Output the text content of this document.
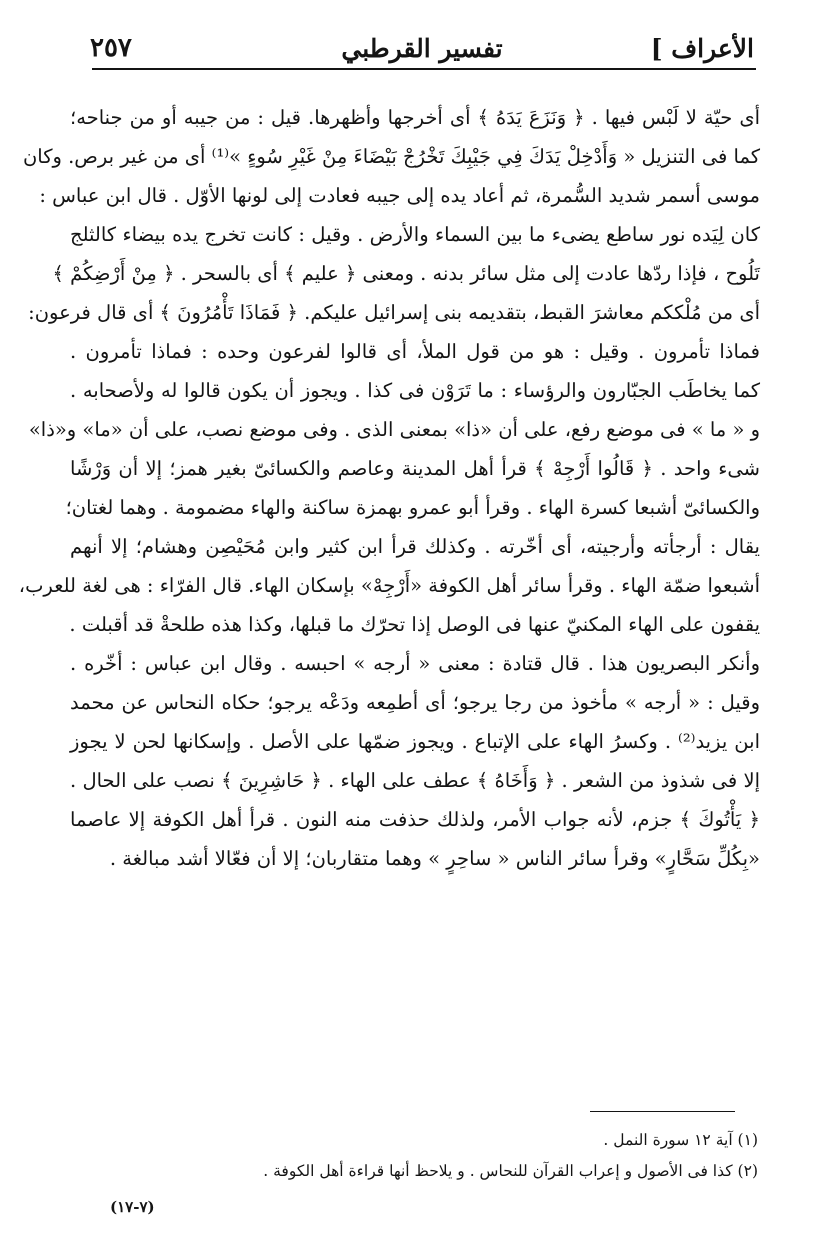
الأعراف ]
تفسير القرطبي
٢٥٧
أى حيّة لا لَبْس فيها . ﴿ وَنَزَعَ يَدَهُ ﴾ أى أخرجها وأظهرها. قيل : من جيبه أو من جناحه؛
كما فى التنزيل « وَأَدْخِلْ يَدَكَ فِي جَيْبِكَ تَخْرُجْ بَيْضَاءَ مِنْ غَيْرِ سُوءٍ »⁽¹⁾ أى من غير برص. وكان
موسى أسمر شديد السُّمرة، ثم أعاد يده إلى جيبه فعادت إلى لونها الأوّل . قال ابن عباس :
كان لِيَده نور ساطع يضىء ما بين السماء والأرض . وقيل : كانت تخرج يده بيضاء كالثلج
تَلُوح ، فإذا ردّها عادت إلى مثل سائر بدنه . ومعنى ﴿ عليم ﴾ أى بالسحر . ﴿ مِنْ أَرْضِكُمْ ﴾
أى من مُلْككم معاشرَ القبط، بتقديمه بنى إسرائيل عليكم. ﴿ فَمَاذَا تَأْمُرُونَ ﴾ أى قال فرعون:
فماذا تأمرون . وقيل : هو من قول الملأ، أى قالوا لفرعون وحده : فماذا تأمرون .
كما يخاطَب الجبّارون والرؤساء : ما تَرَوْن فى كذا . ويجوز أن يكون قالوا له ولأصحابه .
و « ما » فى موضع رفع، على أن «ذا» بمعنى الذى . وفى موضع نصب، على أن «ما» و«ذا»
شىء واحد . ﴿ قَالُوا أَرْجِهْ ﴾ قرأ أهل المدينة وعاصم والكسائىّ بغير همز؛ إلا أن وَرْشًا
والكسائىّ أشبعا كسرة الهاء . وقرأ أبو عمرو بهمزة ساكنة والهاء مضمومة . وهما لغتان؛
يقال : أرجأته وأرجيته، أى أخّرته . وكذلك قرأ ابن كثير وابن مُحَيْصِن وهشام؛ إلا أنهم
أشبعوا ضمّة الهاء . وقرأ سائر أهل الكوفة «أَرْجِهْ» بإسكان الهاء. قال الفرّاء : هى لغة للعرب،
يقفون على الهاء المكنيّ عنها فى الوصل إذا تحرّك ما قبلها، وكذا هذه طلحةْ قد أقبلت .
وأنكر البصريون هذا . قال قتادة : معنى « أرجه » احبسه . وقال ابن عباس : أخّره .
وقيل : « أرجه » مأخوذ من رجا يرجو؛ أى أطمِعه ودَعْه يرجو؛ حكاه النحاس عن محمد
ابن يزيد⁽²⁾ . وكسرُ الهاء على الإتباع . ويجوز ضمّها على الأصل . وإسكانها لحن لا يجوز
إلا فى شذوذ من الشعر . ﴿ وَأَخَاهُ ﴾ عطف على الهاء . ﴿ حَاشِرِينَ ﴾ نصب على الحال .
﴿ يَأْتُوكَ ﴾ جزم، لأنه جواب الأمر، ولذلك حذفت منه النون . قرأ أهل الكوفة إلا عاصما
«بِكُلِّ سَحَّارٍ» وقرأ سائر الناس « ساحِرٍ » وهما متقاربان؛ إلا أن فعّالا أشد مبالغة .
(١) آية ١٢ سورة النمل .
(٢) كذا فى الأصول و إعراب القرآن للنحاس . و يلاحظ أنها قراءة أهل الكوفة .
(٧-١٧)
